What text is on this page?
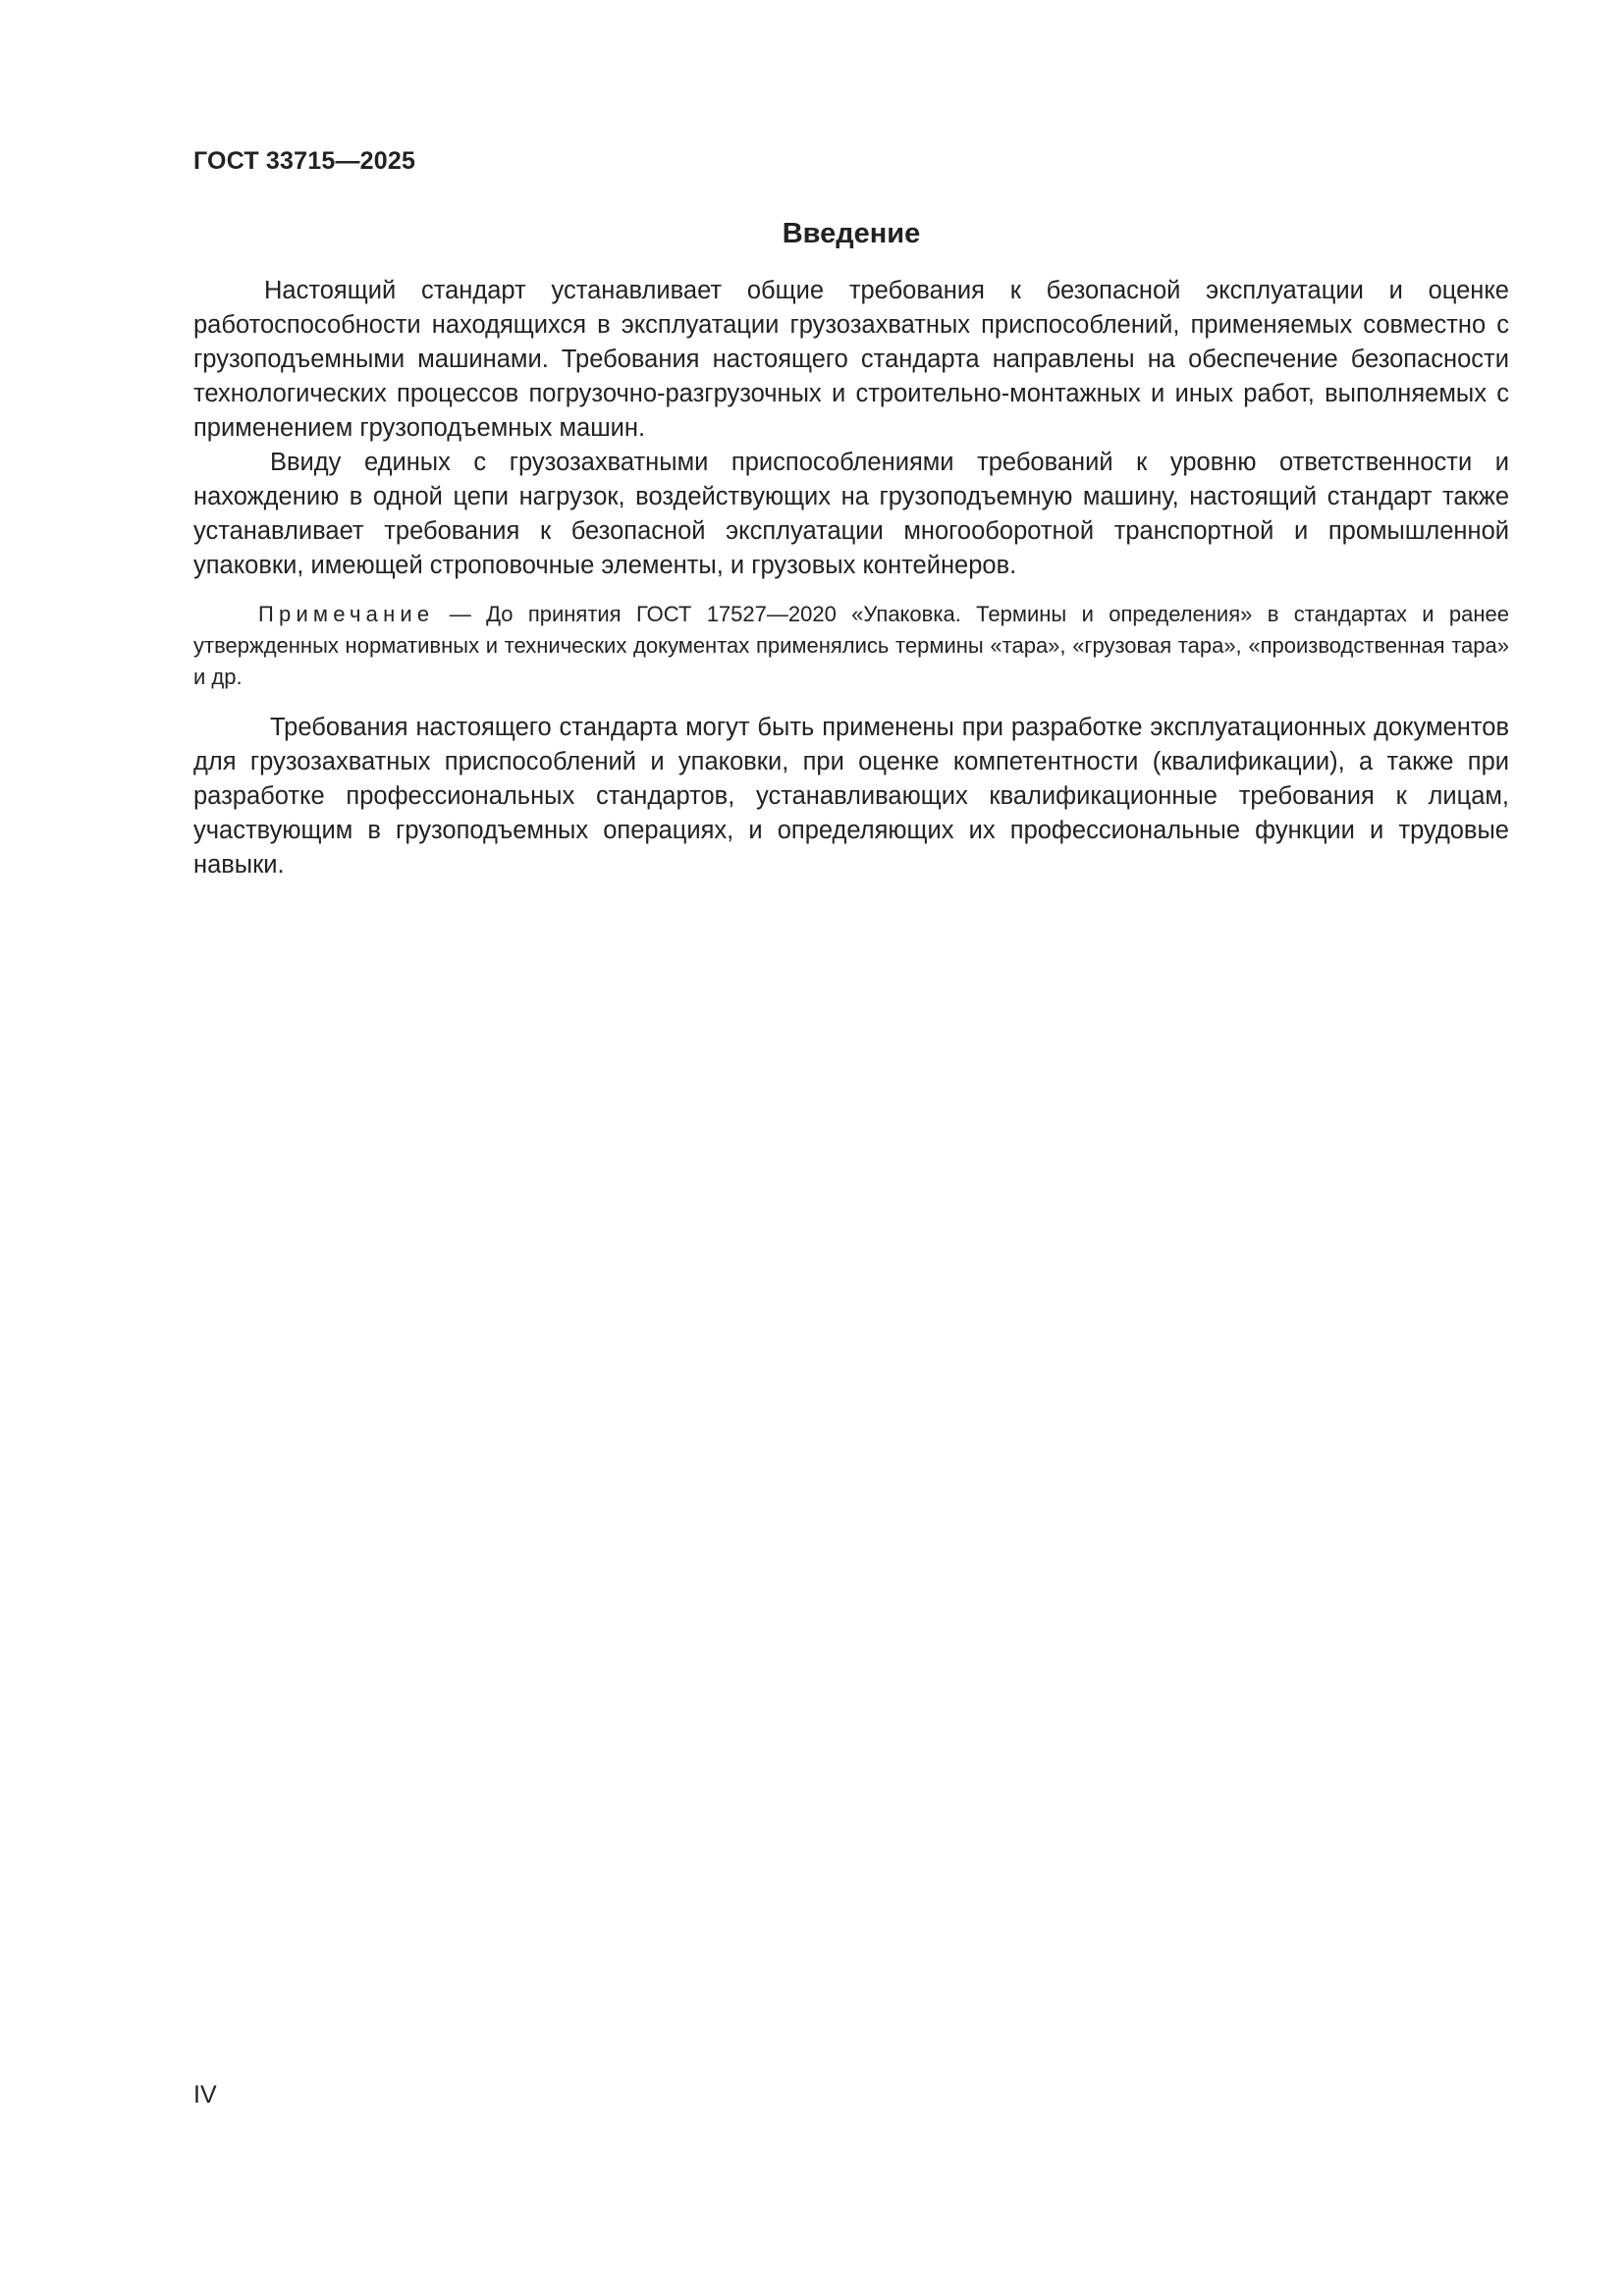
ГОСТ 33715—2025

Введение

Настоящий стандарт устанавливает общие требования к безопасной эксплуатации и оценке работоспособности находящихся в эксплуатации грузозахватных приспособлений, применяемых совместно с грузоподъемными машинами. Требования настоящего стандарта направлены на обеспечение безопасности технологических процессов погрузочно-разгрузочных и строительно-монтажных и иных работ, выполняемых с применением грузоподъемных машин.

Ввиду единых с грузозахватными приспособлениями требований к уровню ответственности и нахождению в одной цепи нагрузок, воздействующих на грузоподъемную машину, настоящий стандарт также устанавливает требования к безопасной эксплуатации многооборотной транспортной и промышленной упаковки, имеющей строповочные элементы, и грузовых контейнеров.

Примечание — До принятия ГОСТ 17527—2020 «Упаковка. Термины и определения» в стандартах и ранее утвержденных нормативных и технических документах применялись термины «тара», «грузовая тара», «производственная тара» и др.

Требования настоящего стандарта могут быть применены при разработке эксплуатационных документов для грузозахватных приспособлений и упаковки, при оценке компетентности (квалификации), а также при разработке профессиональных стандартов, устанавливающих квалификационные требования к лицам, участвующим в грузоподъемных операциях, и определяющих их профессиональные функции и трудовые навыки.

IV
